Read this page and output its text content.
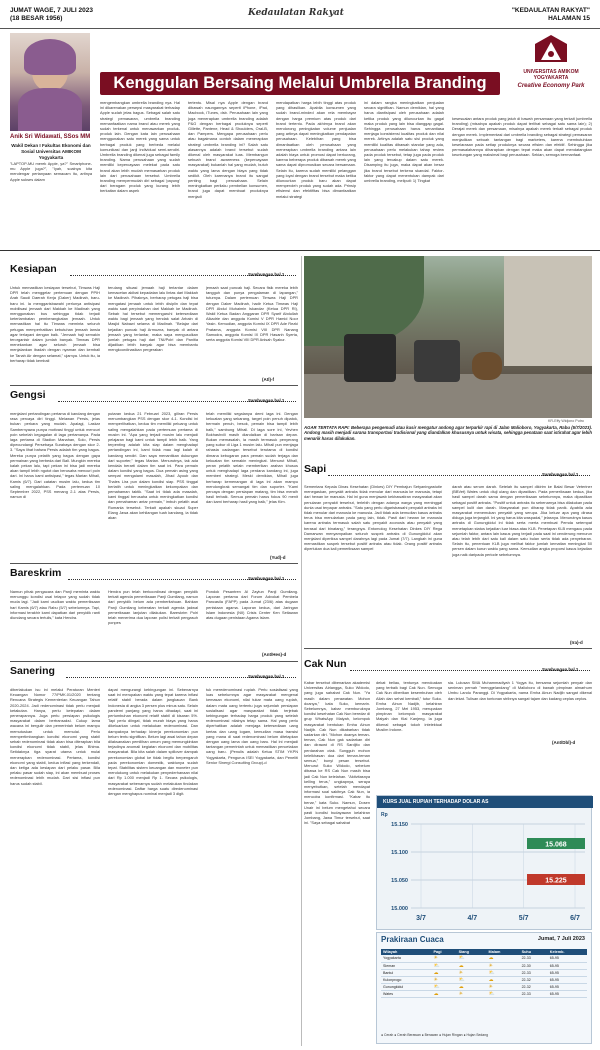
JUMAT WAGE, 7 JULI 2023
(18 BESAR 1956)
Kedaulatan Rakyat	"KEDAULATAN RAKYAT"
HALAMAN 15
Anik Sri Widawati, SSos MM
Wakil Dekan I Fakultas Ekonomi dan Sosial Universitas AMIKOM Yogyakarta
"LAPTOP-MU merek Apple, ya?" Smartphone-mu Apple juga?", "Iyah, soalnya kita mendengar pertanyaan semacam itu, artinya Apple sukses dalam
Kenggulan Bersaing Melalui Umbrella Branding
UNIVERSITAS AMIKOM YOGYAKARTA
Creative Economy Park
mengembangkan umbrella branding nya. Hal ini dikarenakan persepsi masyarakat terhadap Apple sudah jelas bagus. Sebagai salah satu strategi pemasaran, umbrella branding memanfaatkan nama brand atau merek yang sudah terkenal untuk menawarkan produk-produk lain. Dengan kata lain perusahaan menggunakan satu merek yang sama untuk berbagai produk yang berbeda melalui komunikasi dan janji individual semi-sendiri. Umbrella branding dikenal juga sebagai family branding. Nama perusahaan yang sudah memiliki kepercayaan melekat pada satu brand akan lebih mudah memasarkan produk lain dari perusahaan tersebut. Umbrella branding mempermudah diri sebagai 'payung' dari beragam produk yang kurang lebih berkaitan dalam aspek
tertentu. Misal nya Apple dengan brand dibawah naungannya seperti iPhone, iPad, Macbook, iTunes, dsb. Perusahaan lain yang juga menerapkan umbrella branding adalah P&G dengan berbagai produknya seperti Gillette, Pantene, Head & Shoulders, Oral-B, dan Pampers. Mengapa perusahaan perlu atau bagaimana contoh dalam menerapkan strategi umbrella branding ini? Salah satu alasannya adalah brand tersebut sudah dikenal oleh masyarakat luas. Membangun sebuah brand awareness (kepercayaan masyarakat) bukanlah hal yang mudah, butuh waktu yang lama dengan biaya yang tidak sedikit. Oleh karenanya brand itu sangat penting bagi perusahaan. Selain meningkatkan perilaku pembelian konsumen, brand juga dapat membuat produknya menjadi
mendapatkan harga lebih tinggi atas produk yang dihasilkan. Apabila konsumen yang sudah brand-minded akan rela membayar dengan harga premium atas produk dari brand tertentu. Pada akhirnya brand akan mendorong peningkatan volume penjualan yang artinya dapat meningkatkan pendapatan perusahaan. Kelebihan yang bisa dimanfaatkan oleh perusahaan yang menerapkan umbrella branding antara lain adalah biaya untuk promosi dapat berkurang, karena beberapa produk dibawah merek yang sama dapat dipromosikan secara bersamaan. Selain itu, karena sudah memiliki pelanggan yang loyal dengan brand tersebut maka ketika diluncurkan produk baru akan dapat memperoleh produk yang sudah ada. Prinsip efisiensi dan efektifitas bisa dimanfaatkan melalui strategi
ini dalam rangka meningkatkan penjualan secara signifikan. Namun demikian, hal yang harus diantisipasi oleh perusahaan adalah ketika produk yang diluncurkan itu gagal maka produk yang lain bisa dianggap gagal. Sehingga perusahaan harus senantiasa menjaga konsistensi kualitas produk dan nilai merek. Artinya adalah satu sisi produk yang memiliki kualitas dibawah standar yang ada, perusahaan perlu melakukan tahap review pada produk tersebut, tetap juga pada produk lain yang tercakup dalam satu merek. Disamping itu juga, maka dapat akan besar jika brand tersebut terkena skandal. Faktor-faktor yang dapat menentukan dampak dari umbrella branding, meliputi: 1) Tingkat
kesesuaian antara produk yang jatuh di bawah persamaan yang terkait (umbrella branding) (misalnya apakah produk dapat terlihat sebagai satu sama lain); 2) Derajat merek dan persamaan, misalnya apakah merek terkait sebagai produk dengan merek. Implementasi dari umbrella branding sebagai strategi pemasaran menjadikan sebuah tantangan bagi marketers, karena membutuhkan keselarasan pada setiap produknya secara efisien dan efektif. Sehingga jika permasalahannya diharapkan dengan tepat maka akan dapat mendatangkan keuntungan yang maksimal bagi perusahaan. Sekian, semoga bermanfaat.
Kesiapan	Sambungan hal 1
Untuk memastikan kesiapan tersebut, Timwas Haji DPR telah menggelar pertemuan dengan PPIH Arab Saudi Daerah Kerja (Daker) Madinah, baru-baru ini. Ia menggarisbawahi perlunya antisipasi mobilisasi jemaah dari Makkah ke Madinah yang menggunakan bus sehingga tidak terjadi keterlambatan pemberangkatan jemaah. Untuk memastikan hal itu Timwas meminta seluruh petugas memperhatikan kebutuhan jemaah lansia agar terlayani dengan baik. "Jemaah haji semakin terorganisir dalam jumlah banyak. Timwas DPR menekankan agar seluruh jemaah bisa menjalankan ibadah dengan nyaman dan kembali ke Tanah Air dengan selamat," ujarnya. Untuk itu, ia berharap tidak kembali
terulang situasi jemaah haji terlantar dalam kemacetan akibat kepadatan lalu lintas dari Makkah ke Madinah. Pihaknya, berharap petugas haji bisa mengatasi jemaah untuk lebih disiplin dan tepat waktu saat perpindahan dari Makkah ke Madinah. Sebab hal tersebut memengaruhi ketersediaan waktu bagi jemaah yang hendak salat Arbain di Masjid Nabawi selama di Madinah. "Belajar dari kejadian puncak haji Armuzna, banyak di antara jemaah yang terlantar, maka saya mengusulkan jumlah petugas haji dari TNI/Polri dan Panitia dijadikan lebih banyak agar bisa membantu mengkoordinasikan pergerakan
jemaah saat puncak haji. Secara fisik mereka lebih tangguh dan punya pengalaman di lapangan," tuturnya. Dalam pertemuan Timwas Haji DPR dengan Daker Madinah, hadir Ketua Timwas Haji DPR Abdul Muhaimin Iskandar (Ketua DPR RI), Wakil Ketua Badan Anggaran DPR Syarif Abdullah Alkadrie dan anggota Komisi V DPR Hamid Noor Yasin. Kemudian, anggota Komisi IX DPR Ade Rezki Pratama, anggota Komisi VIII DPR Nanang Samodra, anggota Komisi IX DPR Hasanh Syerta, serta anggota Komisi VIII DPR Anisah Syakur.
(Atl)-f
KR-Effy Widjono Putro
AGAR TERTATA RAPI: Beberapa pengemudi atau kusir mengatur andong agar terparkir rapi di Jalan Malioboro, Yogyakarta, Rabu (5/7/2023). Andong masih menjadi sarana transportasi tradisional yang diandalkan khususnya untuk wisata, sehingga penataan saat istirahat agar lebih menarik harus dilakukan.
Gengsi	Sambungan hal 1
menjalani pertandingan pertama di kandang dengan rasa percaya diri tinggi. Melawan Persis, jelas bukan perkara yang mudah. Apalagi, Laskar Sambernyawa punya motivasi tinggi untuk mencuri poin sebelah kegagalan di laga pertamanya. Pada laga pertama di Stadion Manahan, Solo, Persis dipecundangi Persebaya Surabaya dengan skor 2-3. "Saya lihat bahwa Persis adalah tim yang bagus. Mereka punya pelatih yang bagus dengan gaya permainan yang berbeda dari Bali. Mungkin mereka kalah pekan lalu, tapi pekan ini bisa jadi mereka akan tampil lebih ngotot dan berusaha mencuri poin dari. Ini harus kami antisipasi," tegas Marian Mihail, Kamis (6/7). Dari catatan musim lalu, kedua tim saling mengalahkan. Pada pertemuan 10 September 2022, PSS menang 2-1 atas Persis, namun di
putaran kedua 21 Februari 2023, giliran Persis menumbangkan PSS dengan skor 4-1. Kondisi ini memperlihatkan, kedua tim memiliki peluang untuk saling mengalahkan pada pertemuan pertama di musim ini. "Apa yang terjadi musim lalu menjadi pelajaran bagi kami untuk tampil lebih baik. Yang terpenting adalah kita siap dalam menghadapi pertandingan ini, kami tidak mau lagi kalah di kandang sendiri. Dan saya menantikan dukungan dari suporter," tegas Marian. Menurutnya, tak ada kendala berarti dalam tim saat ini. Para pemain dalam kondisi yang bagus. Dua pemain asing yang sempat mengalami masalah, Jihad Ayoub dan Thales Lira pun dalam kondisi siap. PSS tinggal berlatih untuk meningkatkan kekompakan dan pemahaman taktik. "Saat ini tidak ada masalah, kami tinggal berusaha untuk meningkatkan kondisi dan pemahaman antar pemain," imbuh pelatih asal Rumania tersebut. Terkait apakah skuad Super Elang Jawa akan kehilangan tuah kandang, ia tidak akan
telah memiliki segalanya demi laga ini. Dengan kekuatan yang sekarang, target poin penuh dipatok, bermain penuh, besok, pemain bisa tampil lebih baik," sambung Mihail. Di laga sore ini, Yevhen Bokhashvili masih diandalkan di barisan depan. Bukan memasalah, ia masih termasuk penyerang yang subur di Liga 1 musim lalu. Mihail pun menjaga rahasia cadangan tersebut terutama di kondisi dimana kebugaran para pemain sudah terjaga dan kekuatan tim semakin meningkat. Menurut Mihail, peran pelatih selain memberikan arahan khusus untuk menghadapi laga perdana kandang ini, juga memberi strategi. Meski demikian, Mihail juga berharap kemenangan di laga ini akan mampu mendongkrak semangat tim dan suporter. "Kami percaya dengan persiapan matang, tim bisa meraih hasil terbaik. Semua pemain harus fokus 90 menit dan kami berharap hasil yang baik," jelas Kim.
(Yud)-d
Sapi	Sambungan hal 1
Sementara Kepala Dinas Kesehatan (Dinkes) DIY Pembajun Setyaningastutie menegaskan, penyakit antraks tidak menular dari manusia ke manusia, tetapi dari hewan ke manusia. Hal ini guna menjawab kekhawatiran masyarakat akan penularan penyakit tersebut, terlebih dengan adanya warga yang meninggal dunia usai terpapar antraks. "Satu yang perlu digarisbawahi penyakit antraks ini tidak menular dari manusia ke manusia. Jadi tidak ada kemudian kasus antraks terus bisa menularkan pada yang lain, tidak. Pasti dari hewan ke manusia karena antraks termasuk salah satu penyakit zoonosis atau penyakit yang berasal dari binatang," terangnya. Entomolog Kesehatan Dinkes DIY Rega Damarwan menyampaikan seluruh suspek antraks di Gunungkidul akan menjalani diperiksa sampel darahnya lagi pada Jumat (7/7). Langkah ini guna memastikan suspek tersebut positif antraks atau tidak. Orang positif antraks diperlukan dua kali pemeriksaan sampel
darah atau serum darah. Setelah itu sampel dikirim ke Balai Besar Veteriner (BBVet) Wates untuk diuji ulang dan dipastikan. Pada pemeriksaan kedua, jika hasil sampel darah sama dengan pemeriksaan sebelumnya, maka dipastikan sebagai positif antraks. "Positif untuk antraks itu sebenarnya bisa dilakukan pada sampel kulit dan darah. Masyarakat pun diharap tidak panik. Apabila ada masyarakat menemukan penyakit yang serupa. Jika keluar apa yang dirasa diduga juga terjangkit. Ini yang harus kita waspadai," jelasnya. Menurutnya kasus antraks di Gunungkidul ini tidak serta merta membuat Pemda setempat menetapkan status kejadian luar biasa atau KLB. Penetapan KLB mengacu pada sejumlah faktor, antara lain kasus yang terjadi pada saat ini cenderung menurun atau telah lebih dari satu kali dalam satu bulan serta tidak ada penyebaran. Selain itu, penentuan KLB juga melihat faktor jumlah kematian meningkat 50 persen dalam kurun waktu yang sama. Kemudian angka proporsi kasus kejadian juga naik daripada periode sebelumnya.
(Ira)-d
Bareskrim	Sambungan hal 1
Namun pihak pengacara dan Panji meminta waktu menunggu kondisi usai telapor yang sudah tidak muda lagi. "Jadi kami usulkan waktu pemeriksaan hari Kamis (6/7) atau Rabu (5/7) sebelumnya. Tapi, informasi terakhir kami dapatkan dari penyidik ranti diundang secara tertulis," kata Hendra.
Hendra pun telah berkoordinasi dengan penyidik terkait agenda pemeriksaan Panji Gumilang, namun dari penyidik belum ada pemberitahuan. Bahkan Panji Gumilang keberatan terkait agenda jadwal pemeriksaan lanjutan dilakukan. Bareskrim Polri telah menerima dua laporan polisi terkait pengasuh ponpes
Pondok Pesantren Al Zaytun Panji Gumilang. Laporan pertama dari Forum Advokat Pembela Pancasila (FAPP) pada Jumat (23/6) atas dugaan penistaan agama. Laporan kedua, dari Jaringan Islam Indonesia (NII) Crisis Center Ken Setiawan atas dugaan penistaan Agama Islam.
(Ant/Hes)-d
Cak Nun	Sambungan hal 1
Kabar tersebut dibenarkan akademisi Universitas Airlangga, Suko Widodo, yang juga sahabat Cak Nun. "Ya masih dalam perawatan. Mohon doanya," kata Suko, kemarin. Sebelumnya, kabar memburuknya kondisi kesehatan Cak Nun beredar di grup WhatsApp Maiyah, kelompok masyarakat bentukan Emha Ainun Nadjib. Cak Nun dikabarkan tidak sadarkan diri. "Mohon doanya teman-teman, Cak Nun gak sadarkan diri dan dirawat di RS Sardjito dan perdarahan otak. Sungguh mohon kelelkhasan doa dari teman-teman semua," bunyi pesan tersebut. Menurut Suko Widodo, sebelum dibawa ke RS Cak Nun masih bisa jadi Cak Nun kelelahan. "Aktivitasnya kelling terus," ungkapnya, seraya menyebutkan, setelah mendapat informasi soal sakitnya Cak Nun, ia mencoba konfirmasi. "Kabar itu benar," kata Suko. Namun, Dosen Unair ini belum mengetahui secara pasti kondisi budayawan kelahiran Jombang, Jawa Timur tersebut, saat ini. "Saya sebagai sahabat
dekat beliau, tentunya mendoakan yang terbaik bagi Cak Nun. Semoga Cak Nun diberikan kesembuhan oleh Allah dan sehat kembali," tutur Suko. Emha Ainun Nadjib, kelahiran Jombang, 27 Mei 1953, merupakan pimpinan kelompok masyarakat Maiyah dan Kiai Kanjeng. Ia juga dikenal sebagai tokoh intelektual Muslim Indone-
sia. Lulusan SMA Muhammadiyah 1 Yogya itu, bersama sejumlah penyair dan seniman pernah "menggelandang" di Malioboro di bawah pimpinan almarhum Umbu Landu Paranggi. Di Yogyakarta, nama Emha Ainun Nadjib sangat dikenal dan lekat. Tulisan dan tontonan stribnya sangat tajam dan kadang ceplas ceplos.
(Ant/Dbl)-d
Sanering	Sambungan hal 1
diberlakukan isu ini melalui Peraturan Menteri Keuangan Nomor 77/PMK.01/2020 tentang Rencana Strategis Kementerian Keuangan Tahun 2020-2024. Jadi redenominasi tidak perlu menjadi ketakutan. Hanya, perlu ketepatan dalam penerapannya. Juga perlu persiapan psikologis masyarakat dalam bertransaksi. Cukup lama wacana ini bergulir dan pemerintah belum mampu memutuskan untuk memulai. Perlu mempertimbangkan kondisi ekonomi yang stabil sebab redenominasi tidak akan bisa diterapkan bila kondisi ekonomi tidak stabil, jelas Bhima. Setidaknya tiga syarat utama untuk mulai menerapkan redenominasi. Pertama, kondisi ekonomi yang stabil, kedua inflasi yang terkendali, dan ketiga ada kesiapan dari pelaku pasar. Bila pelaku pasar sudah siap, ini akan membuat proses redenominasi lebih mudah. Dari sisi inflasi pun harus sudah stabil.
dapat mengurangi kebingungan ini. Sebenarnya saat ini merupakan waktu yang tepat karena inflasi relatif stabil berada dalam jangkauan Bank Indonesia di angka 3 persen plus minus satu. Selain pandemi panjang yang harus dihadapi, saat ini pertumbuhan ekonomi relatif stabil di kisaran 5%. Tapi perlu diingat, tidak murah biaya yang harus dikeluarkan untuk melakukan redenominasi. Dan dampaknya terhadap kinerja perekonomian pun belum tentu signifikan. Belum lagi awal tahun depan dilaksanakan pemilihan umum yang memungkinkan terjadinya anomali kegiatan ekonomi dan mobilitas masyarakat. Bila kita salah dalam spillover dampak perekonomian global ke tidak begitu berpengaruh pada perekonomian domestik, waktunya sudah tepat. Stabilitas sistem keuangan dan moneter pun mendukung untuk melakukan penyederhanaan nilai dari Rp 1.000 menjadi Rp 1. Secara psikologis, masyarakat sebenarnya sudah melakukan tindakan redenominasi. Daftar harga suatu diredenominasi dengan menghapus nominal menjadi 3 digit.
tuk meredenominasi rupiah. Perlu sosialisasi yang luas sebelumnya agar masyarakat mengenal kemasan ekonomi, nilai tukar mata uang rupiah, dalam mata uang tertentu juga sejumlah persiapan sosialisasi agar masyarakat tidak terjebak kebingungan terhadap harga produk yang setelah redenominasi nilainya tetap sama. Hal yang perlu diperhatikan adalah menjaga ketersediaan uang kertas dan uang logam, kemudian masa transisi yang mana di saat redenominasi belum ditetapkan dengan uang lama dan uang baru. Hal ini menjadi tantangan pemerintah untuk memastikan pencetakan uang baru. (Penulis adalah Ketua STIM YKPN Yogyakarta, Pengurus ISEI Yogyakarta, dan Peneliti Senior Sinergi Consulting Group)-d
KURS JUAL RUPIAH TERHADAP DOLAR AS
Rp
15.150
15.100
15.050
15.000
3/7	4/7	5/7	6/7
15.068
15.225
Prakiraan Cuaca	Jumat, 7 Juli 2023
Wilayah	Pagi	Siang	Malam	Suhu	Kelemb.
Yogyakarta	☀	⛅	☁	22-33	65-95
Sleman	⛅	☁	☀	22-30	65-95
Bantul	☁	☀	⛅	22-33	65-95
Kulonprogo	☀	⛅	☁	22-32	65-95
Gunungkidul	⛅	☁	☀	22-32	65-95
Wates	☁	☀	⛅	22-33	65-95
● Cerah ● Cerah Berawan ● Berawan ● Hujan Ringan ● Hujan Sedang
